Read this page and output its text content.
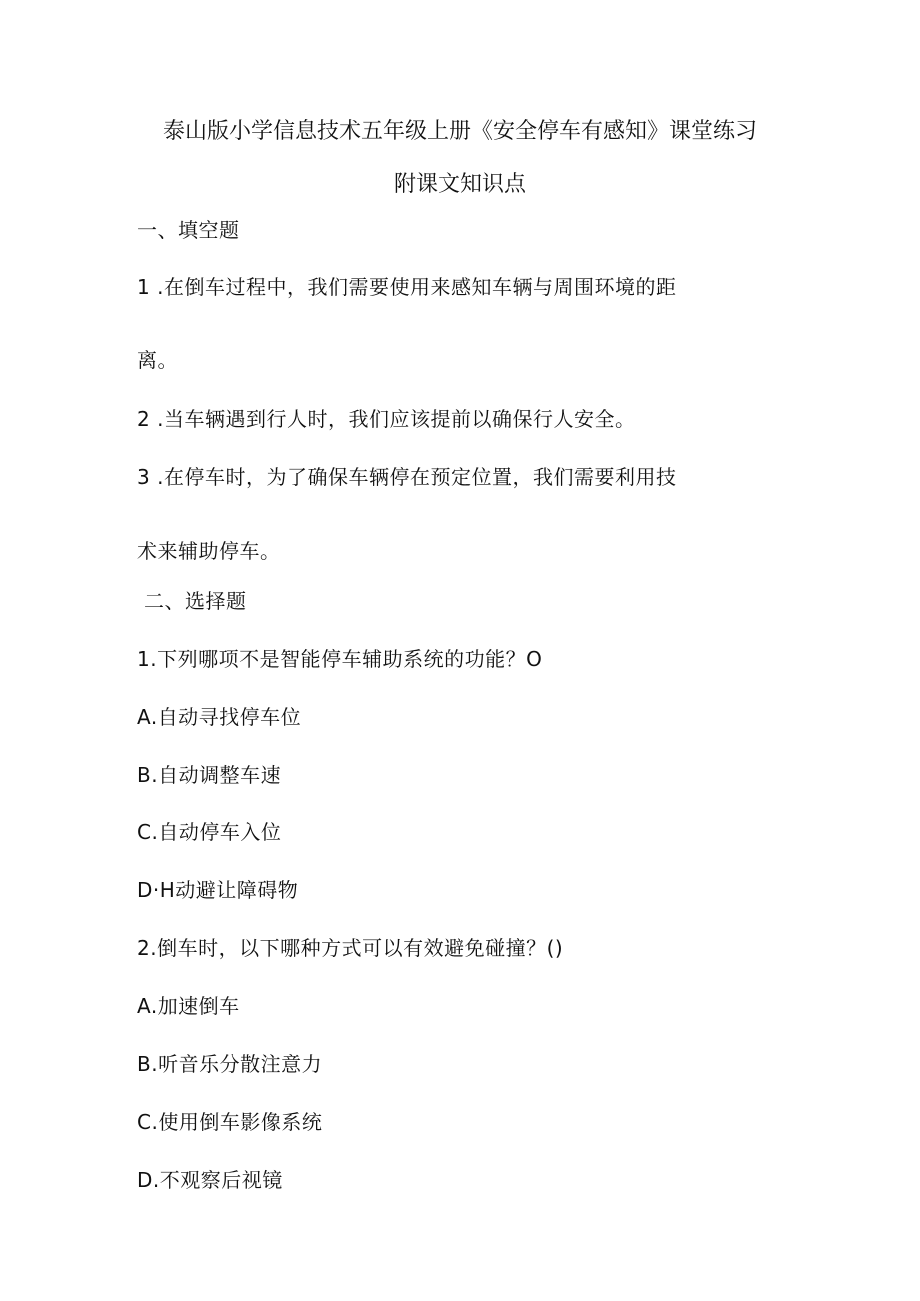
泰山版小学信息技术五年级上册《安全停车有感知》课堂练习
附课文知识点
一、填空题
1 .在倒车过程中，我们需要使用来感知车辆与周围环境的距
离。
2 .当车辆遇到行人时，我们应该提前以确保行人安全。
3 .在停车时，为了确保车辆停在预定位置，我们需要利用技
术来辅助停车。
二、选择题
1.下列哪项不是智能停车辅助系统的功能？O
A.自动寻找停车位
B.自动调整车速
C.自动停车入位
D·H动避让障碍物
2.倒车时，以下哪种方式可以有效避免碰撞？()
A.加速倒车
B.听音乐分散注意力
C.使用倒车影像系统
D.不观察后视镜
